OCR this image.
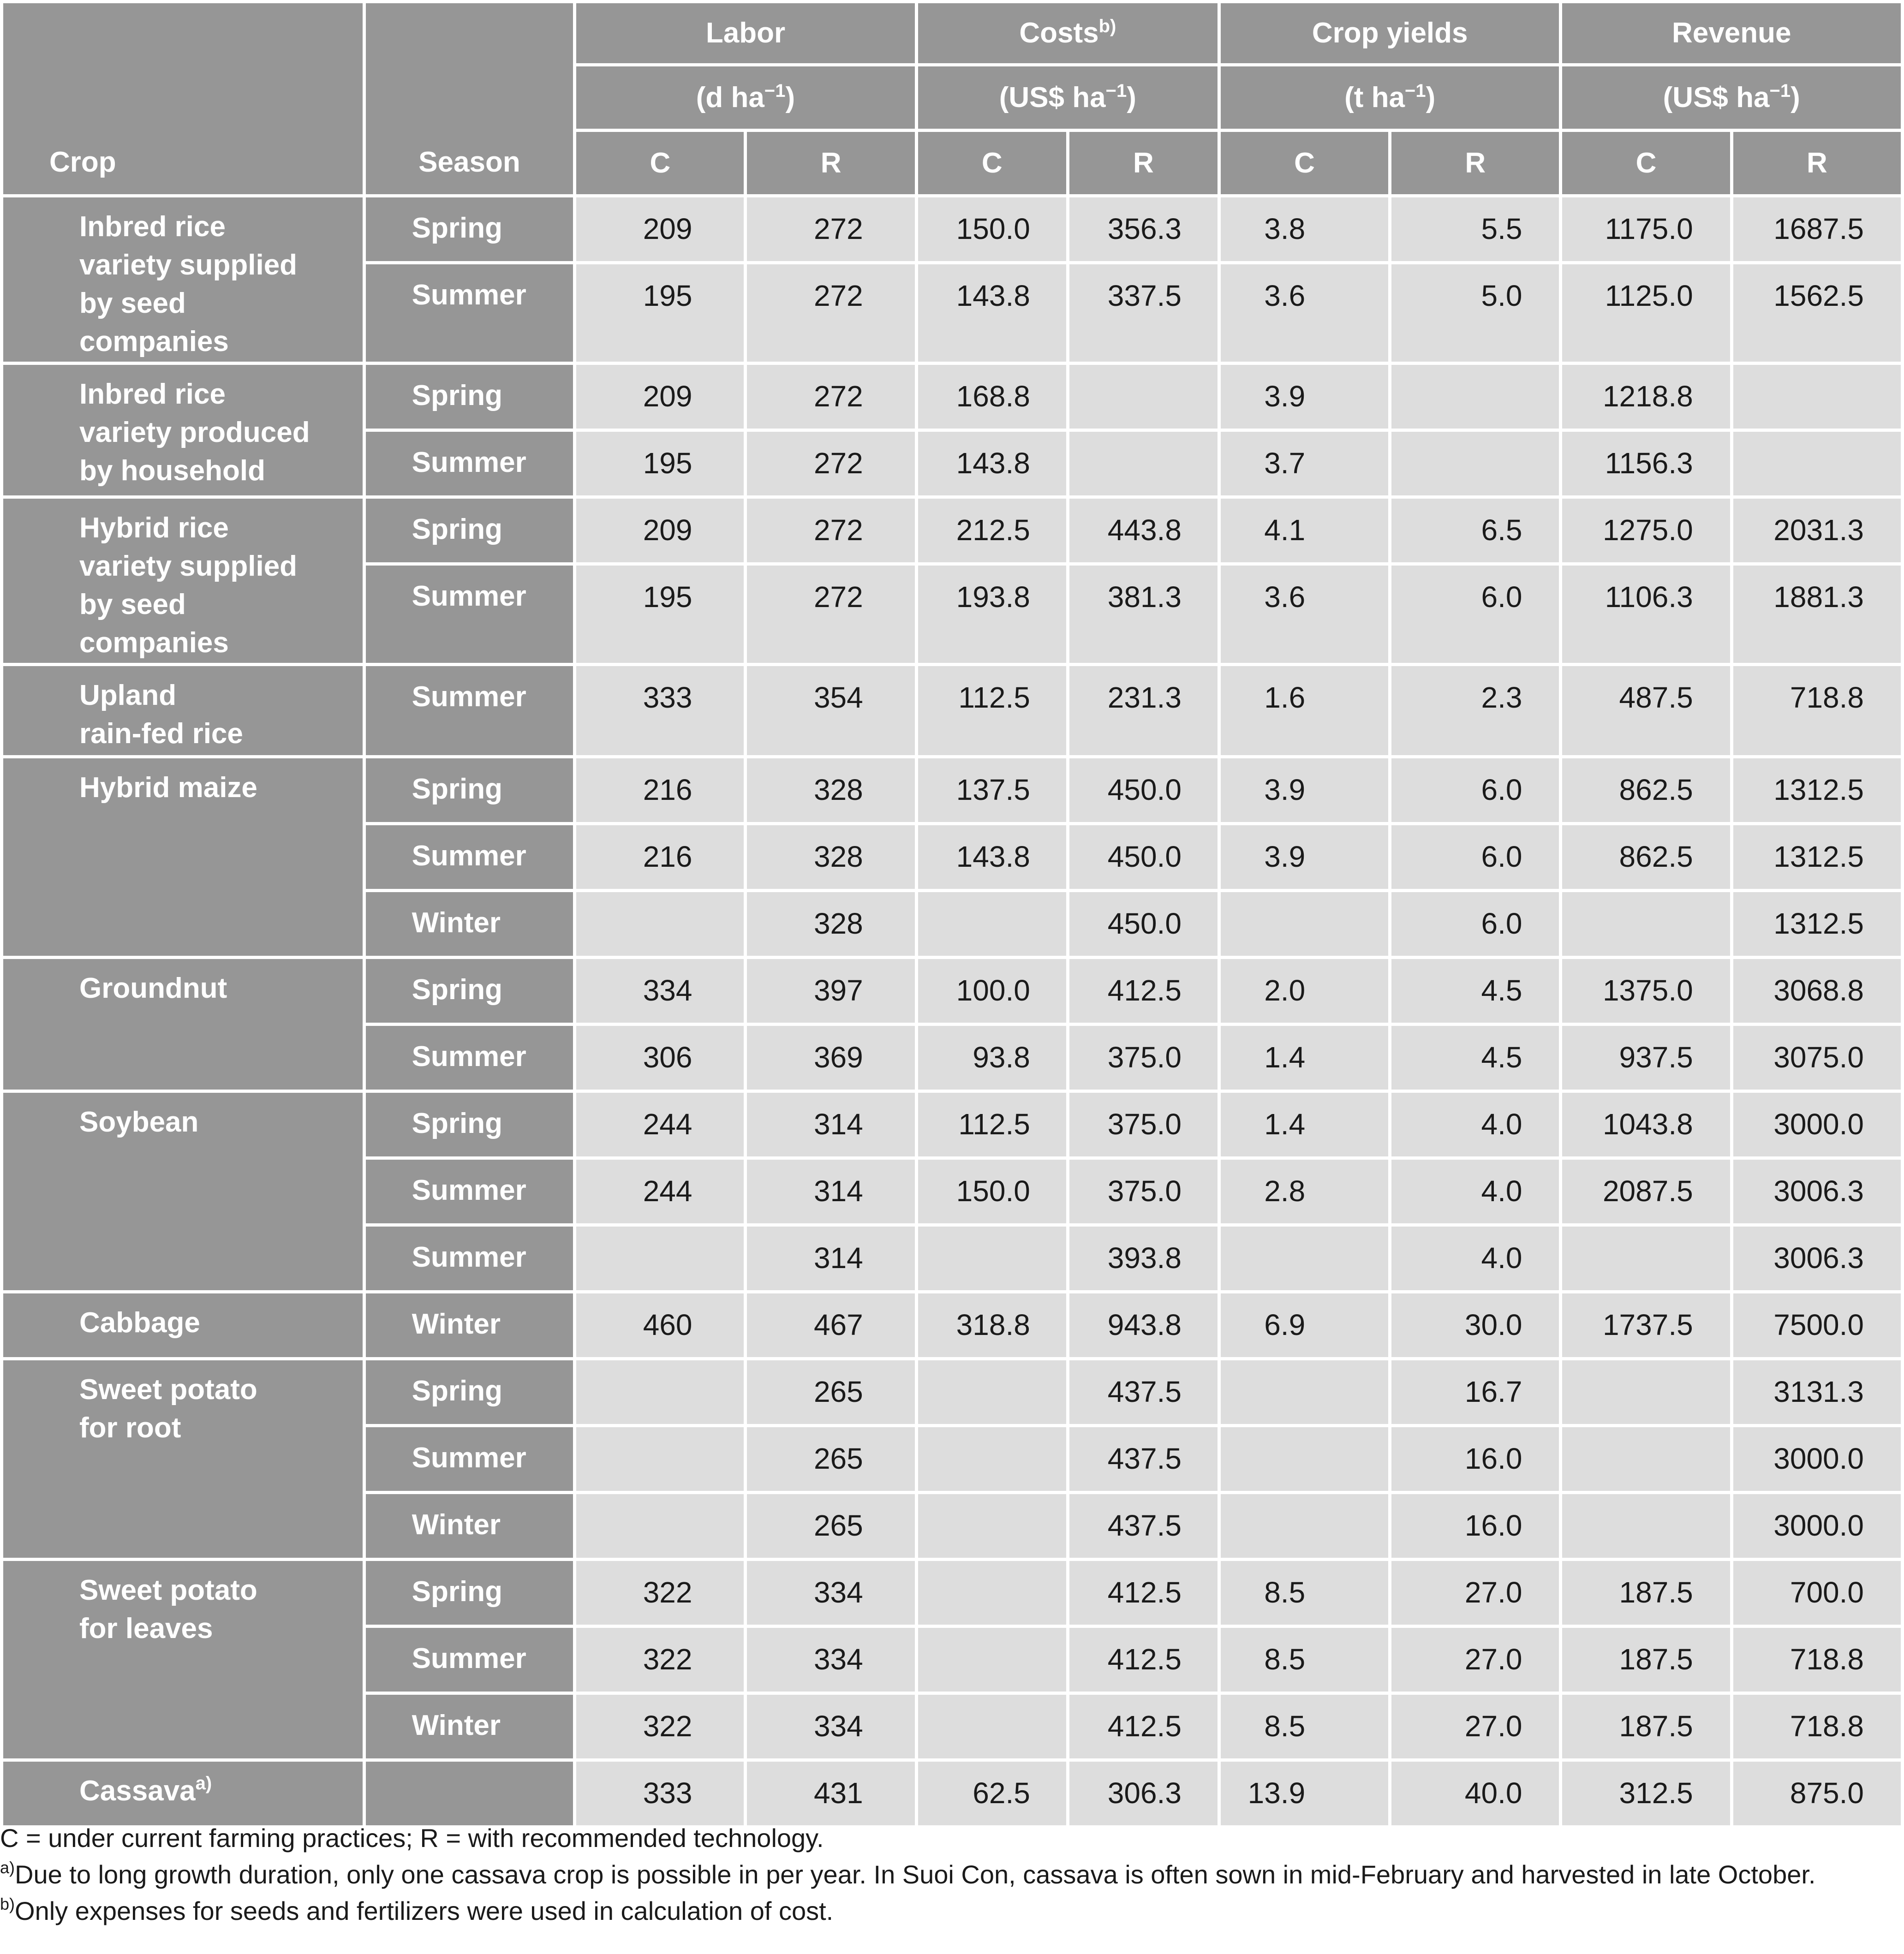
Crop	Season	Labor		Costs$^{b)}$		Crop yields		Revenue	
		(d $ha^{-1}$)		(US$ $ha^{-1}$)		(t $ha^{-1}$)		(US$ $ha^{-1}$)	
		C	R	C	R	C	R	C	R
Inbred rice
variety supplied
by seed
companies	Spring	209	272	150.0	356.3	3.8	5.5	1175.0	1687.5
	Summer	195	272	143.8	337.5	3.6	5.0	1125.0	1562.5
Inbred rice
variety produced
by household	Spring	209	272	168.8		3.9		1218.8	
	Summer	195	272	143.8		3.7		1156.3	
Hybrid rice
variety supplied
by seed
companies	Spring	209	272	212.5	443.8	4.1	6.5	1275.0	2031.3
	Summer	195	272	193.8	381.3	3.6	6.0	1106.3	1881.3
Upland
rain-fed rice	Summer	333	354	112.5	231.3	1.6	2.3	487.5	718.8
Hybrid maize	Spring	216	328	137.5	450.0	3.9	6.0	862.5	1312.5
	Summer	216	328	143.8	450.0	3.9	6.0	862.5	1312.5
	Winter		328		450.0		6.0		1312.5
Groundnut	Spring	334	397	100.0	412.5	2.0	4.5	1375.0	3068.8
	Summer	306	369	93.8	375.0	1.4	4.5	937.5	3075.0
Soybean	Spring	244	314	112.5	375.0	1.4	4.0	1043.8	3000.0
	Summer	244	314	150.0	375.0	2.8	4.0	2087.5	3006.3
	Summer		314		393.8		4.0		3006.3
Cabbage	Winter	460	467	318.8	943.8	6.9	30.0	1737.5	7500.0
Sweet potato
for root	Spring		265		437.5		16.7		3131.3
	Summer		265		437.5		16.0		3000.0
	Winter		265		437.5		16.0		3000.0
Sweet potato
for leaves	Spring	322	334		412.5	8.5	27.0	187.5	700.0
	Summer	322	334		412.5	8.5	27.0	187.5	718.8
	Winter	322	334		412.5	8.5	27.0	187.5	718.8
Cassava$^{a)}$		333	431	62.5	306.3	13.9	40.0	312.5	875.0
C = under current farming practices; R = with recommended technology.
$^{a)}$Due to long growth duration, only one cassava crop is possible in per year. In Suoi Con, cassava is often sown in mid-February and harvested in late October.
$^{b)}$Only expenses for seeds and fertilizers were used in calculation of cost.
